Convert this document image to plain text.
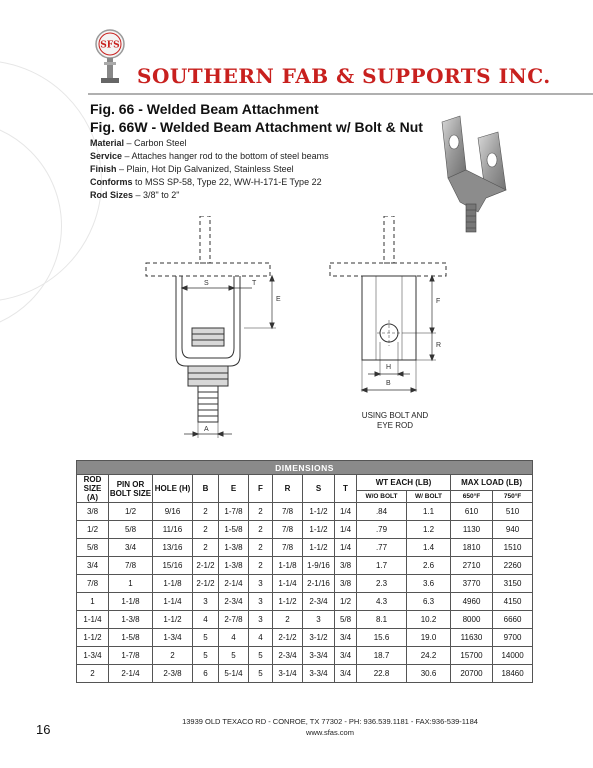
SFS
SOUTHERN FAB & SUPPORTS INC.
Fig. 66 - Welded Beam Attachment
Fig. 66W - Welded Beam Attachment w/ Bolt & Nut
Material – Carbon Steel
Service – Attaches hanger rod to the bottom of steel beams
Finish – Plain, Hot Dip Galvanized, Stainless Steel
Conforms to MSS SP-58, Type 22, WW-H-171-E Type 22
Rod Sizes – 3/8" to 2"
S	T
E
A
F
R
H
B
USING BOLT AND
EYE ROD
DIMENSIONS												
ROD SIZE (A)	PIN OR BOLT SIZE	HOLE (H)	B	E	F	R	S	T	WT EACH (LB)		MAX LOAD (LB)	
									W/O BOLT	W/ BOLT	650°F	750°F
3/8	1/2	9/16	2	1-7/8	2	7/8	1-1/2	1/4	.84	1.1	610	510
1/2	5/8	11/16	2	1-5/8	2	7/8	1-1/2	1/4	.79	1.2	1130	940
5/8	3/4	13/16	2	1-3/8	2	7/8	1-1/2	1/4	.77	1.4	1810	1510
3/4	7/8	15/16	2-1/2	1-3/8	2	1-1/8	1-9/16	3/8	1.7	2.6	2710	2260
7/8	1	1-1/8	2-1/2	2-1/4	3	1-1/4	2-1/16	3/8	2.3	3.6	3770	3150
1	1-1/8	1-1/4	3	2-3/4	3	1-1/2	2-3/4	1/2	4.3	6.3	4960	4150
1-1/4	1-3/8	1-1/2	4	2-7/8	3	2	3	5/8	8.1	10.2	8000	6660
1-1/2	1-5/8	1-3/4	5	4	4	2-1/2	3-1/2	3/4	15.6	19.0	11630	9700
1-3/4	1-7/8	2	5	5	5	2-3/4	3-3/4	3/4	18.7	24.2	15700	14000
2	2-1/4	2-3/8	6	5-1/4	5	3-1/4	3-3/4	3/4	22.8	30.6	20700	18460
13939 OLD TEXACO RD - CONROE, TX 77302 - PH: 936.539.1181 - FAX:936-539-1184
www.sfas.com
16
